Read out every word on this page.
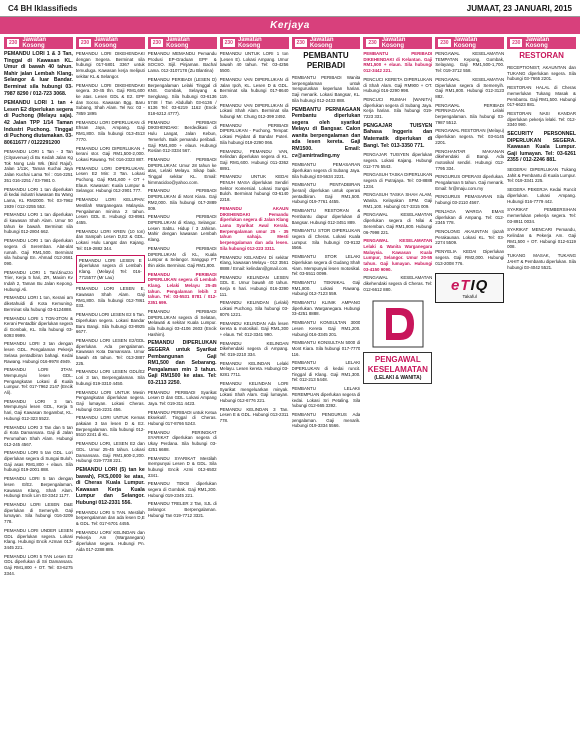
C4 BH Iklassifieds	JUMAAT, 23 JANUARI, 2015
Kerjaya
230 Jawatan Kosong

PEMANDU LORI 1 & 3 Tan, Tinggal di Kawasan KL. Umur di bawah 40 tahun. Mahir jalan Lembah Klang, Selangor & luar Bandar. Berminat sila hubungi 03-7987 8290 / 012-723 3068.

PEMANDU LORI 1 tan + Lesen E2 diperlukan segera di Puchong (Melayu saja). 42 Jalan TPP 1/14 Taman Industri Puchong. Tinggal di Puchong diutamakan. 03-80611677 / 0122291200

PEMANDU LORI 1 Tan - 3 Tan (Cityavenue) di Bu Kedah Jalan Kg Tok Nong Lalo Wk. (Bird Rajul). Jalan 1/11K, Taman Kuchai Jaya Jalan Kuchai Lama Tel : 016-2251 351 016-2251 / 03-7981 0.

PEMANDU LORI 1 tan diperlukan di kedai industri kawasan Bu Wang Lama, KL RM2000. Tel: 03-7962 1939 / 012-2255 552.

PEMANDU LORI 1 tan diperlukan di kawasan Shah Alam. Umur 50 tahun ke bawah. Berminat sila hubungi 012-2804 662.

PEMANDU LORI 1 tan diperlukan segera di Seremban. Alat-alat rumah. Gaji RM1,500. Berminat sila hubungi En. Ahmad 012-2661 090.

PEMANDU LORI 1 Tan/Jinuzzo Trier, Kerja 5 hari, ZR, Maxim Kv Indah 2, Taman Bu Jalan Kepong. Hubungi Ali.

PEMANDU LORI 1 ton, Kerani am diketahuidi di Kota Kemuning. Berminat sila hubungi 03-5124888.

PEMANDU LORI 1 TON-3TON & Kerani Pentadbir diperlukan segera di Gombak, KL. Sila hubungi 03-6093 9999.

PEMANDU LORI 3 tan dengan lesen GDL. Pengalaman Pekerja Selasa pentadbiran bahagi. Kedai Rawang. Hubungi 016-9978 4949.

PEMANDU LORI 3TAN. Mempunyai lesen GDL. Pengangkutan Lokasi di Kuala Lumpur. Tel: 017-7962 2147 (Encik Ali).

PEMANDU LORI 3 tan. Mempunyai lesen GDL, Kerja 5 hari, Gaji Kawasan Segambut, KL. Hubungi 012-323 5522.

PEMANDU LORI 3 Tan dan 5 tan di Kota Damansara. Gaji di Jalan Perumahan Shah Alam. Hubungi 012-245 4567.

PEMANDU LORI 5 tan GDL. Lori diperlukan segera di Sungai Buloh. Gaji asas RM1,800 + elaun. Sila hubungi 019-2001 888.

PEMANDU LORI 5 tan dengan lesen E/E2. Berpengalaman. Kawasan Klang, Shah Alam. Hubungi Encik Lim 03-3342 1177.

PEMANDU LORI LESEN D&E diperlukan di Semenyih. Gaji lumayan. Sila hubungi 016-3209 778.

PEMANDU LORI UNDER LESEN GDL diperlukan segera. Lokasi Klang. Hubungi Encik Azman 013-3445 221.

PEMANDU LORI 5 TAN Lesen E2 GDL diperlukan di Sri Damansara. Gaji RM1,800 + OT. Tel: 03-6275 3344.

230 Jawatan Kosong

PEMANDU LORI DIKEHENDAKI dengan Segera. Berminat sila hubungi 017-5801 3367 untuk temuduga. Kawasan kerja meliputi sekitar KL & Selangor.

PEMANDU LORI DIKEHENDAKI segera. 30-45 thn. Gaji RM1,600 ke atas. Lesen GDL & E2. EPF dan Socso. Kawasan Bgg. Baru Subang, Shah Alam. Tel No: 03 - 7859 1895

PEMANDU LORI DIPERLUKAN di Ehsan Jaya, Ampang. Gaji RM1,800. Sila hubungi 013-4513 7770.

PEMANDU LORI DIPERLUKAN + kerani stor. Gaji RM1,500-2,000. Lokasi Rawang. Tel: 016-2323 887.

PEMANDU LORI DIPERLUKAN. Lesen E2 Min: 3 Tan. Lokasi Puchong. Gaji RM1,600 + OT + Elaun. Kawasan: Kuala Lumpur & Selangor. Hubungi 012-2901 777.

PEMANDU LORI KELUPAN: Mestilah Warganegara Malaysia. Pengalaman minima 2 tahun. Lesen GDL E. Hubungi 03-8961 4455.

PEMANDU LORI KREN (10 ton) dan Sampah Lesen D,E2 & GDL. Lokasi Hulu Langat dan Kajang. Tel: 019-2882 344.

PEMANDU LORI LESEN E diperlukan segera di Lembah Klang. (Melayu) Tel: 016-7715577 (Mr Lau)

PEMANDU LORI LESEN E, Kawasan Shah Alam. Gaji RM1,800. Sila hubungi 012-7861 033.

PEMANDU LORI LESEN E2 5 Tan. Diperlukan segera. Lokasi Bandar Baru Bangi. Sila hubungi 03-8925 6677.

PEMANDU LORI LESEN E2/GDL diperlukan. Ada pengalaman. Kawasan Kota Damansara. Umur bawah 45 tahun. Tel: 013-3887 225.

PEMANDU LORI LESEN GDL/E2 Lori 3 tan, Berpengalaman. Sila hubungi 019-3310 4450.

PEMANDU LORI UNTUK Mesin Pengangkutan diperlukan segera. Gaji lumayan. Lokasi Cheras. Hubungi 016-2231 456.

PEMANDU LORI UNTUK Kemas pakaian 3 tan lesen D & E2. Berpengalaman. Sila hubungi 012-5510 2241 di KL.

PEMANDU LORI, LESEN E2 dan GDL. Umur 25-45 tahun. Lokasi Damansara. Gaji RM1,600-2,200. Hubungi 019-7738 221.

PEMANDU LORI (5) tan ke bawah), FKS,0000 ke atas, di Cheras Kuala Lumpur. Kawasan Kerja Kuala Lumpur dan Selangor. Hubungi 012-2331 556.

PEMANDU LORI 5 TAN. Mestilah berpengalaman dan ada lesen D,E & GDL. Tel: 017-6701 4455.

PEMANDU LORI/ KELINDAN dan Pekerja Am (Warganegara) diperlukan segera. Hubungi Pn. Aida 017-2288 889.

230 Jawatan Kosong

PEMANDU MEMANDU Pemandu Produsi EP-Graduan EPF & SOCSO. Sijil. Pinjaman. Bachal Lama. 012-3107178 (Zu Blantina)

PEMANDU PERIBADI (LESEN D) Berpengalaman Lelaki Tinggal di KNS. Gombak, Selayang & Sengkang. Sila hubungi 03-6136 5748 / Tan Abdullah 03-6136 / 6136 Tel: 03-6219 1162 (Encik 018-6212 4777).

PEMANDU PERIBADI DIKEHENDAKI: Berdedikasi di Hulu Langat, Jalan Kebun, Temerloh. Baik pemandu peribadi. Gaji RM1,800 + elaun. Hubungi Roslan 012-3334 567.

PEMANDU PERIBADI DIPERLUKAN: Umur 28 tahun ke atas, Lelaki Melayu. Sikap baik. Tinggal sekitar KL. Email: himmacidoo@yahoo.com.

PEMANDU PERIBADI DIPERLUKAN di Mont Kiara. Gaji RM2,000. Sila hubungi 017-2889 009.

PEMANDU PERIBADI DIPERLUKAN di Klang, Selangor. Lesen Sabtu. Hidup / 3 Jahiran. Mahir dengan kawasan Lembah Klang.

PEMANDU PERIBADI DIPERLUKAN di KL, Kuala Lumpur & Selangor. Sanggup FT thin aktiv. Berminat. Gaji RM1,800.

PEMANDU PERIBADI DIPERLUKAN segera di Lembah Klang. Lelaki Melayu 25-45 tahun. Pengalaman lebih 2 tahun. Tel: 03-5531 8781 / 012-2351 699.

PEMANDU PERIBADI DIPERLUKAN segera di Selatan, Melawati & sekitar Kuala Lumpur. Sila hubungi 03-4106 2603 (Encik Hashim).

PEMANDU DIPERLUKAN SEGERA untuk Syarikat Pembangunan Gaji RM1,500 dan Sebarang. Pengalaman min 3 tahun. Gaji RM1500 ke atas. Tel: 03-2113 2250.

PEMANDU PERIBADI Syarikat Lesen D dan GDL. Lokasi Ampang Jaya. Tel: 019-311 4423.

PEMANDU PERIBADI untuk Ketua Eksekutif. Tinggal di Cheras. Hubungi 017-8766 5243.

PEMANDU PERINGKAT SYARIKAT diperlukan segera di Ukay Perdana. Sila hubungi 03-4251 6688.

PEMANDU SYARIKAT Mestilah mempunyai Lesen D & GDL. Sila hubungi Encik Azmi 012-6502 3341.

PEMANDU TEKSI diperlukan segera di Gombak. Gaji RM1,200. Hubungi 019-2345 221.

PEMANDU TRELER 2 Tan, SJL di Selangor. Berpengalaman. Hubungi Tan 019-7712 3321.

230 Jawatan Kosong

PEMANDU UNTUK LORI 1 ton (Lesen E). Lokasi Ampang. Umur bawah 40 tahun. Tel: 03-4256 5500.

PEMANDU VAN DIPERLUKAN di Jalan Ipoh, KL. Lesen D & GDL. Berminat sila hubungi 017-8640 119.

PEMANDU VAN DIPERLUKAN di Lokasi Shah Alam. Berminat sila hubungi Mr. Chung 012-399 2492.

PEMANDU PERIBADI DIPERLUKAN - Puchong. Tempat: Lokasi Pejabat di Bandar Puteri. Sila hubungi 019-2290 066.

PEMANDU, PEMANDU VAN, Kelindan diperlukan segera di KL. Gaji RM1,600. Hubungi 011-3362 8891.

PEMANDU UNTUK KEDAI PENUH MASA diperlukan Sendiri Sektor Komersial. Lokasi Sungai Buloh. Berminat hubungi 03-6140 2218.

PEMANDU AKAUN DIKEHENDAKI Pemandu diperlukan segera di Jalan Klang Lama Syarikat Awal Kerala. Berpengalaman umur 25 - 35 tahun sahaja. Mesti berpengalaman dan ada lesen. Sila hubungi 012-223 3311.

PEMANDU KELANDAI Di sekitar Klang, kawasan Melayu - 012 3561 8888 / Email: kelindan@gmail.com.

PEMANDU KELINDAN LESEN GDL E. Umur bawah 40 tahun. Kerja 6 hari. Hubungi 016-3390 111.

PEMANDU KELINDAN (Lelaki) Lokasi Puchong. Sila hubungi 03-8076 1221.

PEMANDU KELINDAN Ada lesen kereta & motosikal. Gaji RM1,300 + elaun. Tel: 012-3341 990.

PEMANDU KELINDAN Dikehendaki segera di Ampang. Tel: 019-2210 334.

PEMANDU KELINDAN Lelaki Melayu. Lesen kereta. Hubungi 03-9281 7711.

PEMANDU KELINDAN LORI Syarikat mengeluarkan minyak. Lokasi Shah Alam. Gaji lumayan. Hubungi 012-6776 221.

PEMANDU KELINDAN 3 Tan. Lesen E & GDL. Hubungi 013-2311 778.

230 Jawatan Kosong
PEMBANTU PERIBADI

PEMBANTU PERIBADI Wanita berpengalaman untuk menguruskan keperluan harian. Gaji menarik. Lokasi Bangsar, KL. Sila hubungi 012-2433 888.

PEMBANTU PERNIAGAAN Pembantu diperlukan segera oleh syarikat Melayu di Bangsar. Calon wanita berpengalaman dan ada lesen kereta. Gaji RM1500. Email: cv@amirtrading.my

PEMBANTU PEMASARAN diperlukan segera di Subang Jaya. Sila hubungi 03-5634 2221.

PEMBANTU PENTADBIRAN (kerani) diperlukan untuk operasi pentadbiran. Gaji RM1,500. Hubungi 019-7761 4455.

PEMBANTU RESTORAN & Pembantu dapur diperlukan di Bangsar. Hubungi 012-3451 889.

PEMBANTU STOR DIPERLUKAN segera di Cheras. Lokasi Kuala Lumpur. Sila hubungi 03-9132 5566.

PEMBANTU STOR LELAKI Diperlukan segera di Gudang Shah Alam. Mempunyai lesen motosikal. Tel: 03-5511 0099.

PEMBANTU TEKNIKAL Gaji RM1,800. Lokasi Rawang. Hubungi 012-7123 559.

PEMBANTU KLINIK AMPANG diperlukan. Warganegara. Hubungi 03-4251 8888.

PEMBANTU KONSULTAN 3000 Lesen Kereta Gaji RM1,200. Hubungi 016-3345 201.

PEMBANTU KONSULTAN 5000 di Mont Kiara. Sila hubungi 017-7770 116.

PEMBANTU LELAKI DIPERLUKAN di kedai runcit. Tinggal di Klang. Gaji RM1,300. Tel: 012-213 5448.

PEMBANTU LELAKI/ PEREMPUAN diperlukan segera di kedai. Lokasi Sri Petaling. Sila hubungi 012-665 3392.

PEMBANTU PENGURUS Ada pengalaman. Gaji menarik. Hubungi 019-3334 5566.

230 Jawatan Kosong

PEMBANTU PERIBADI DIKEHENDAKI di Kelantan. Gaji RM1,500 + elaun. Sila hubungi 012-3442 221.

PENCUCI KERETA DIPERLUKAN di Shah Alam. Gaji RM900 + OT. Hubungi 016-2290 998.

PENCUCI RUMAH (WANITA) diperlukan segera di Subang Jaya. Kerja harian. Sila hubungi 019-7223 331.

PENGAJAR TUISYEN Bahasa Inggeris dan Matematik diperlukan di Bangi. Tel: 013-3350 771.

PENGAJAR TUISYEN diperlukan segera. Lokasi Kajang. Hubungi 012-776 5543.

PENGASUH TASKA DIPERLUKAN segera di Putrajaya. Tel: 03-8888 1234.

PENGASUH TASKA SHAH ALAM, Wanita. Kelayakan SPM. Gaji RM1,100. Hubungi 017-3315 009.

PENGAWAL KESELAMATAN diperlukan segera di Nilai & Seremban. Gaji RM1,800. Hubungi 06-7998 221.

PENGAWAL KESELAMATAN Lelaki & Wanita Warganegara Malaysia. Kawasan Kuala Lumpur, Selangor. Umur 20-55 tahun. Gaji lumayan. Hubungi 03-4150 9090.

PENGAWAL KESELAMATAN dikehendaki segera di Cheras. Tel: 012-6612 880.

PENGAWAL KESELAMATAN
(LELAKI & WANITA)
230 Jawatan Kosong

PENGAWAL KESELAMATAN TEMPATAN Kepong, Gombak, Selayang. Gaji RM1,500-1,700. Tel: 019-3712 558.

PENGAWAL KESELAMATAN Diperlukan segera di Semenyih. Gaji RM1,800. Hubungi 012-3123 882.

PENGAWAL PERIBADI PERNIAGAAN. Lelaki berpengalaman. Sila hubungi 03-7987 5512.

PENGAWAL RESTORAN (Melayu) diperlukan segera. Tel: 03-6145 2201.

PENGHANTAR MAKANAN dikehendaki di Bangi. Ada motosikal sendiri. Hubungi 012-7795 334.

PENGURUS OPERASI diperlukan. Pengalaman 5 tahun. Gaji menarik. Email: hr@maju.com.my

PENGURUS PEMASARAN Sila hubungi 03-2110 4567.

PENJAGA WARGA EMAS diperlukan di Ampang. Tel: 012-2345 778.

PENOLONG AKAUNTAN Ijazah Perakaunan. Lokasi KL. Tel: 03-2274 5509.

PENYELIA KEDAI Diperlukan segera. Gaji RM2,000. Hubungi 013-2008 776.

eTIQ
Takaful
230 Jawatan Kosong
RESTORAN

RECEPTIONIST, AKAUNTAN dan TUKANG diperlukan segera. Sila hubungi 03-7665 2201.

RESTORAN HALAL di Cheras memerlukan Tukang Masak & Pembantu. Gaji RM1,500. Hubungi 017-6623 881.

RESTORAN NASI KANDAR diperlukan pekerja lelaki. Tel: 012-3340 990.

SECURITY PERSONNEL DIPERLUKAN SEGERA. Kawasan Kuala Lumpur. Gaji lumayan. Tel: 03-6261 2355 / 012-2246 881.

SEGERA! DIPERLUKAN Tukang Jahit & Pembantu di Kuala Lumpur. Tel: 019-3341 225.

SEGERA PEKERJA Kedai Runcit diperlukan. Lokasi Ampang. Hubungi 016-7779 442.

SYARIKAT PEMBERSIHAN memerlukan pekerja segera. Tel: 03-8911 0034.

SYARIKAT MENCARI Pemandu, Kelindan & Pekerja Am. Gaji RM1,500 + OT. Hubungi 012-6119 008.

TUKANG MASAK, TUKANG JAHIT & Pembantu diperlukan. Sila hubungi 03-4042 5521.
